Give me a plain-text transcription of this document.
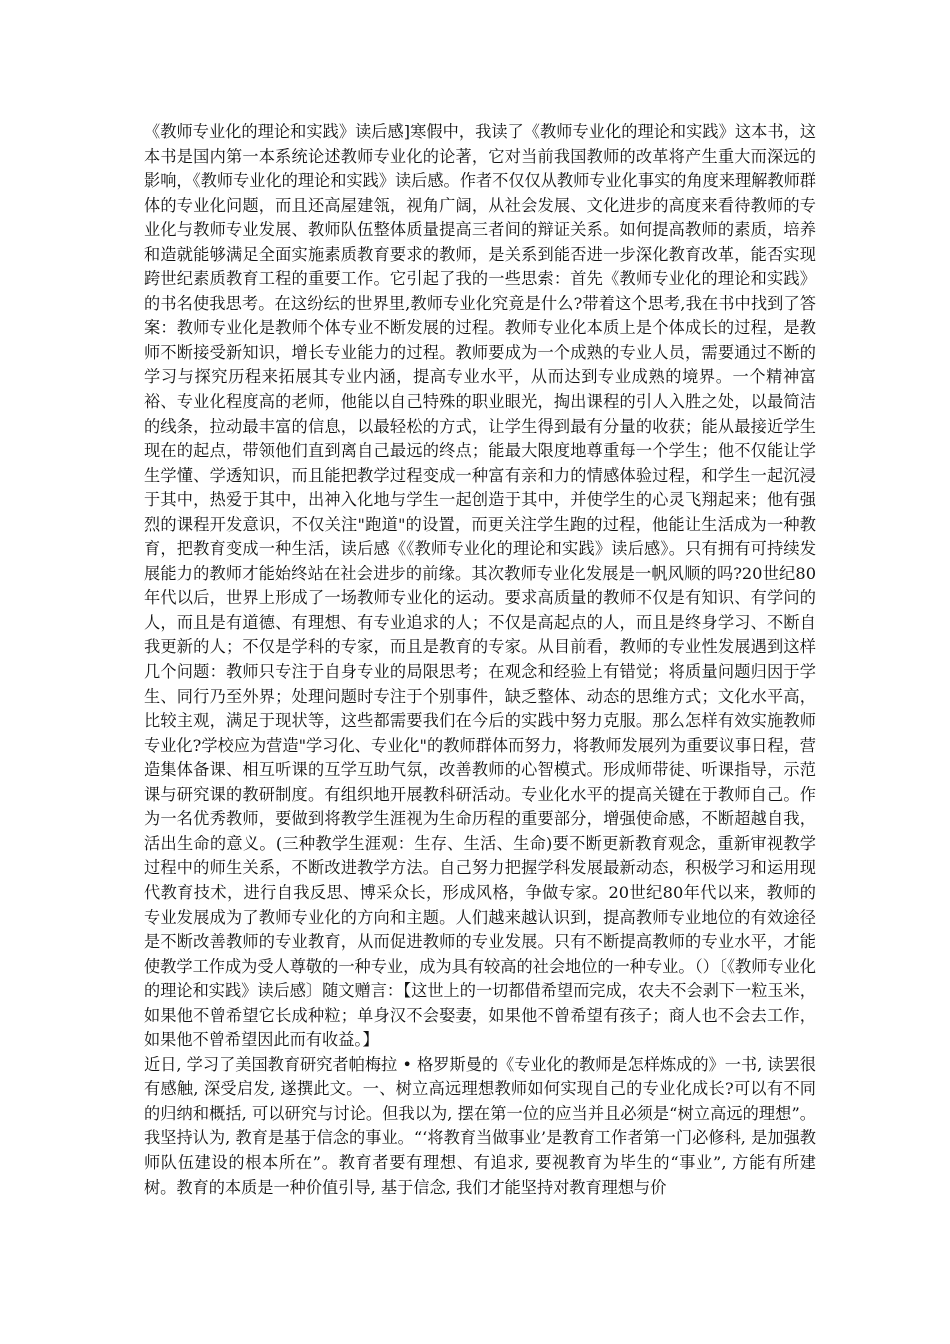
《教师专业化的理论和实践》读后感]寒假中，我读了《教师专业化的理论和实践》这本书，这本书是国内第一本系统论述教师专业化的论著，它对当前我国教师的改革将产生重大而深远的影响，《教师专业化的理论和实践》读后感。作者不仅仅从教师专业化事实的角度来理解教师群体的专业化问题，而且还高屋建瓴，视角广阔，从社会发展、文化进步的高度来看待教师的专业化与教师专业发展、教师队伍整体质量提高三者间的辩证关系。如何提高教师的素质，培养和造就能够满足全面实施素质教育要求的教师，是关系到能否进一步深化教育改革，能否实现跨世纪素质教育工程的重要工作。它引起了我的一些思索：首先《教师专业化的理论和实践》的书名使我思考。在这纷纭的世界里,教师专业化究竟是什么?带着这个思考,我在书中找到了答案：教师专业化是教师个体专业不断发展的过程。教师专业化本质上是个体成长的过程，是教师不断接受新知识，增长专业能力的过程。教师要成为一个成熟的专业人员，需要通过不断的学习与探究历程来拓展其专业内涵，提高专业水平，从而达到专业成熟的境界。一个精神富裕、专业化程度高的老师，他能以自己特殊的职业眼光，掏出课程的引人入胜之处，以最简洁的线条，拉动最丰富的信息，以最轻松的方式，让学生得到最有分量的收获；能从最接近学生现在的起点，带领他们直到离自己最远的终点；能最大限度地尊重每一个学生；他不仅能让学生学懂、学透知识，而且能把教学过程变成一种富有亲和力的情感体验过程，和学生一起沉浸于其中，热爱于其中，出神入化地与学生一起创造于其中，并使学生的心灵飞翔起来；他有强烈的课程开发意识，不仅关注"跑道"的设置，而更关注学生跑的过程，他能让生活成为一种教育，把教育变成一种生活，读后感《《教师专业化的理论和实践》读后感》。只有拥有可持续发展能力的教师才能始终站在社会进步的前缘。其次教师专业化发展是一帆风顺的吗?20世纪80年代以后，世界上形成了一场教师专业化的运动。要求高质量的教师不仅是有知识、有学问的人，而且是有道德、有理想、有专业追求的人；不仅是高起点的人，而且是终身学习、不断自我更新的人；不仅是学科的专家，而且是教育的专家。从目前看，教师的专业性发展遇到这样几个问题：教师只专注于自身专业的局限思考；在观念和经验上有错觉；将质量问题归因于学生、同行乃至外界；处理问题时专注于个别事件，缺乏整体、动态的思维方式；文化水平高，比较主观，满足于现状等，这些都需要我们在今后的实践中努力克服。那么怎样有效实施教师专业化?学校应为营造"学习化、专业化"的教师群体而努力，将教师发展列为重要议事日程，营造集体备课、相互听课的互学互助气氛，改善教师的心智模式。形成师带徒、听课指导，示范课与研究课的教研制度。有组织地开展教科研活动。专业化水平的提高关键在于教师自己。作为一名优秀教师，要做到将教学生涯视为生命历程的重要部分，增强使命感，不断超越自我，活出生命的意义。(三种教学生涯观：生存、生活、生命)要不断更新教育观念，重新审视教学过程中的师生关系，不断改进教学方法。自己努力把握学科发展最新动态，积极学习和运用现代教育技术，进行自我反思、博采众长，形成风格，争做专家。20世纪80年代以来，教师的专业发展成为了教师专业化的方向和主题。人们越来越认识到，提高教师专业地位的有效途径是不断改善教师的专业教育，从而促进教师的专业发展。只有不断提高教师的专业水平，才能使教学工作成为受人尊敬的一种专业，成为具有较高的社会地位的一种专业。（）〔《教师专业化的理论和实践》读后感〕随文赠言：【这世上的一切都借希望而完成，农夫不会剥下一粒玉米，如果他不曾希望它长成种粒；单身汉不会娶妻，如果他不曾希望有孩子；商人也不会去工作，如果他不曾希望因此而有收益。】

近日, 学习了美国教育研究者帕梅拉 • 格罗斯曼的《专业化的教师是怎样炼成的》一书, 读罢很有感触, 深受启发, 遂撰此文。一、树立高远理想教师如何实现自己的专业化成长?可以有不同的归纳和概括, 可以研究与讨论。但我以为, 摆在第一位的应当并且必须是“树立高远的理想”。我坚持认为, 教育是基于信念的事业。“‘将教育当做事业’是教育工作者第一门必修科, 是加强教师队伍建设的根本所在”。教育者要有理想、有追求, 要视教育为毕生的“事业”, 方能有所建树。教育的本质是一种价值引导, 基于信念, 我们才能坚持对教育理想与价
